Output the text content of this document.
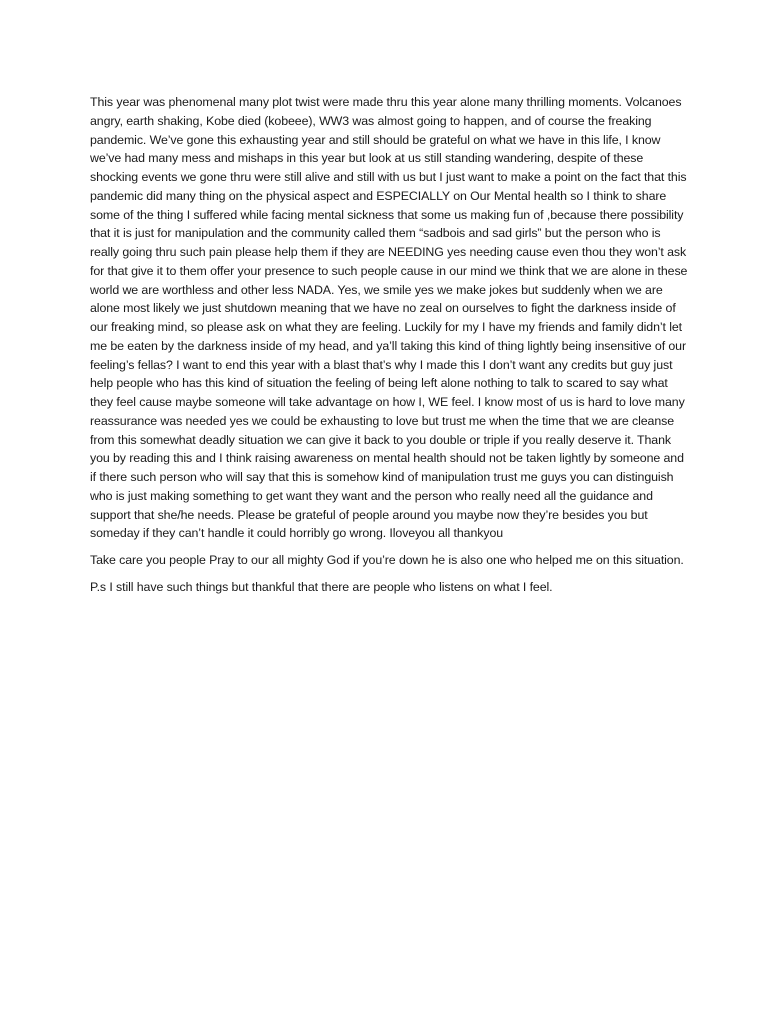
This year was phenomenal many plot twist were made thru this year alone many thrilling moments. Volcanoes angry, earth shaking, Kobe died (kobeee), WW3 was almost going to happen, and of course the freaking pandemic. We’ve gone this exhausting year and still should be grateful on what we have in this life, I know we’ve had many mess and mishaps in this year but look at us still standing wandering, despite of these shocking events we gone thru were still alive and still with us but I just want to make a point on the fact that this pandemic did many thing on the physical aspect and ESPECIALLY on Our Mental health so I think to share some of the thing I suffered while facing mental sickness that some us making fun of ,because there possibility that it is just for manipulation and the community called them “sadbois and sad girls” but the person who is really going thru such pain please help them if they are NEEDING yes needing cause even thou they won’t ask for that give it to them offer your presence to such people cause in our mind we think that we are alone in these world we are worthless and other less NADA. Yes, we smile yes we make jokes but suddenly when we are alone most likely we just shutdown meaning that we have no zeal on ourselves to fight the darkness inside of our freaking mind, so please ask on what they are feeling. Luckily for my I have my friends and family didn’t let me be eaten by the darkness inside of my head, and ya’ll taking this kind of thing lightly being insensitive of our feeling’s fellas? I want to end this year with a blast that’s why I made this I don’t want any credits but guy just help people who has this kind of situation the feeling of being left alone nothing to talk to scared to say what they feel cause maybe someone will take advantage on how I, WE feel. I know most of us is hard to love many reassurance was needed yes we could be exhausting to love but trust me when the time that we are cleanse from this somewhat deadly situation we can give it back to you double or triple if you really deserve it. Thank you by reading this and I think raising awareness on mental health should not be taken lightly by someone and if there such person who will say that this is somehow kind of manipulation trust me guys you can distinguish who is just making something to get want they want and the person who really need all the guidance and support that she/he needs. Please be grateful of people around you maybe now they’re besides you but someday if they can’t handle it could horribly go wrong. Iloveyou all thankyou

Take care you people Pray to our all mighty God if you’re down he is also one who helped me on this situation.

P.s I still have such things but thankful that there are people who listens on what I feel.
